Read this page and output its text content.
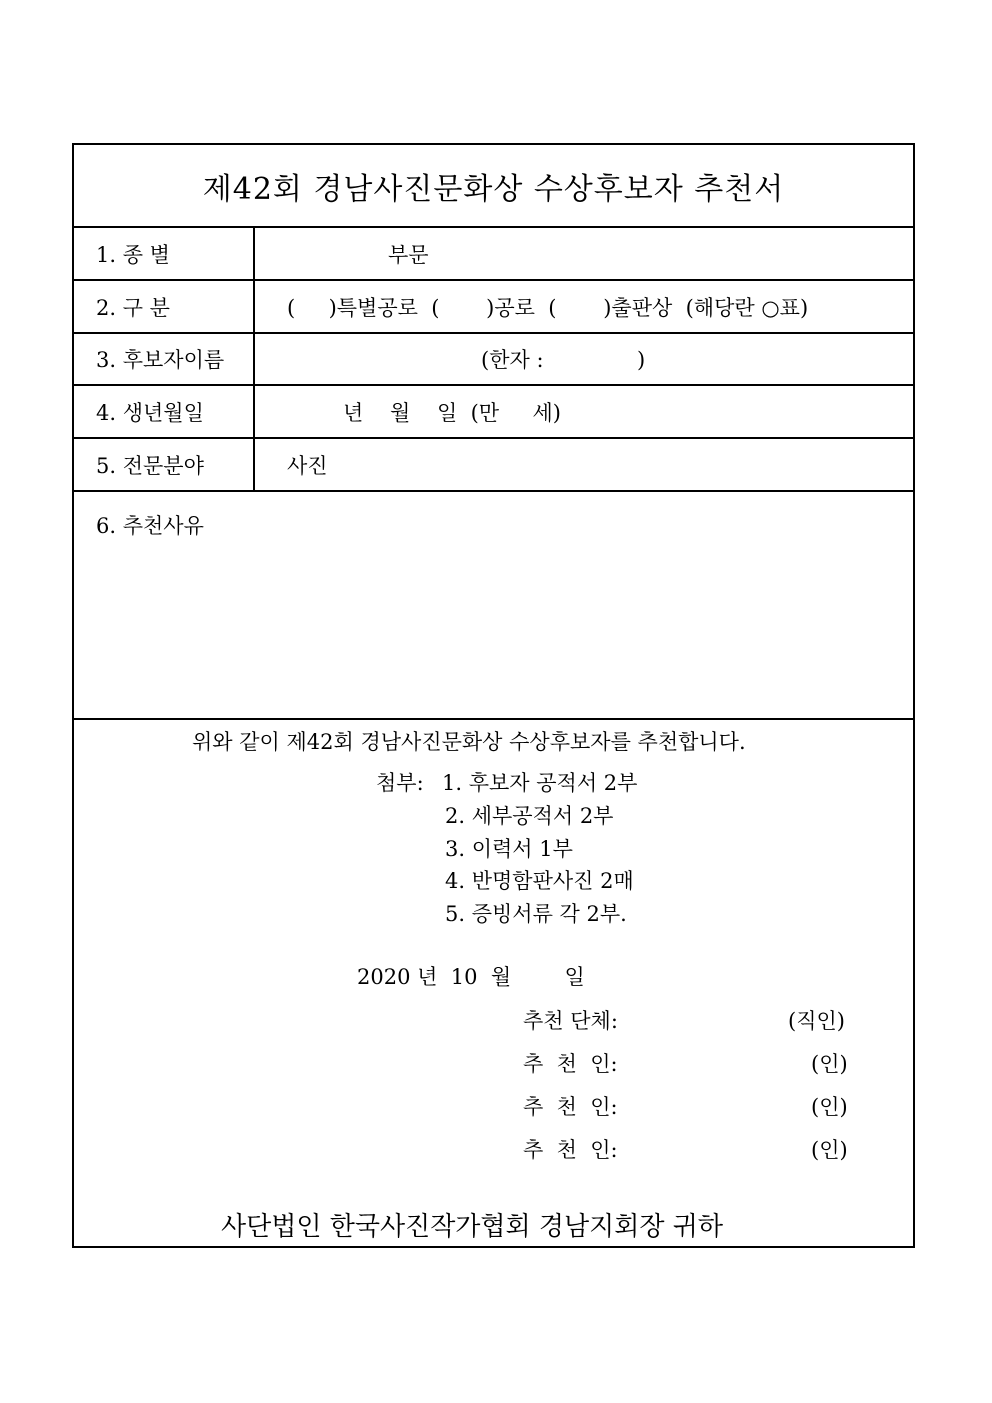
제42회 경남사진문화상 수상후보자 추천서
1. 종 별	부문
2. 구 분	(     )특별공로  (       )공로  (       )출판상  (해당란 ○표)
3. 후보자이름	(한자 :              )
4. 생년월일	년    월    일  (만     세)
5. 전문분야	사진
6. 추천사유
위와 같이 제42회 경남사진문화상 수상후보자를 추천합니다.
첨부: 1. 후보자 공적서 2부
2. 세부공적서 2부
3. 이력서 1부
4. 반명함판사진 2매
5. 증빙서류 각 2부.
2020 년  10  월        일
추천 단체:	(직인)
추  천  인:	(인)
추  천  인:	(인)
추  천  인:	(인)
사단법인 한국사진작가협회 경남지회장 귀하
